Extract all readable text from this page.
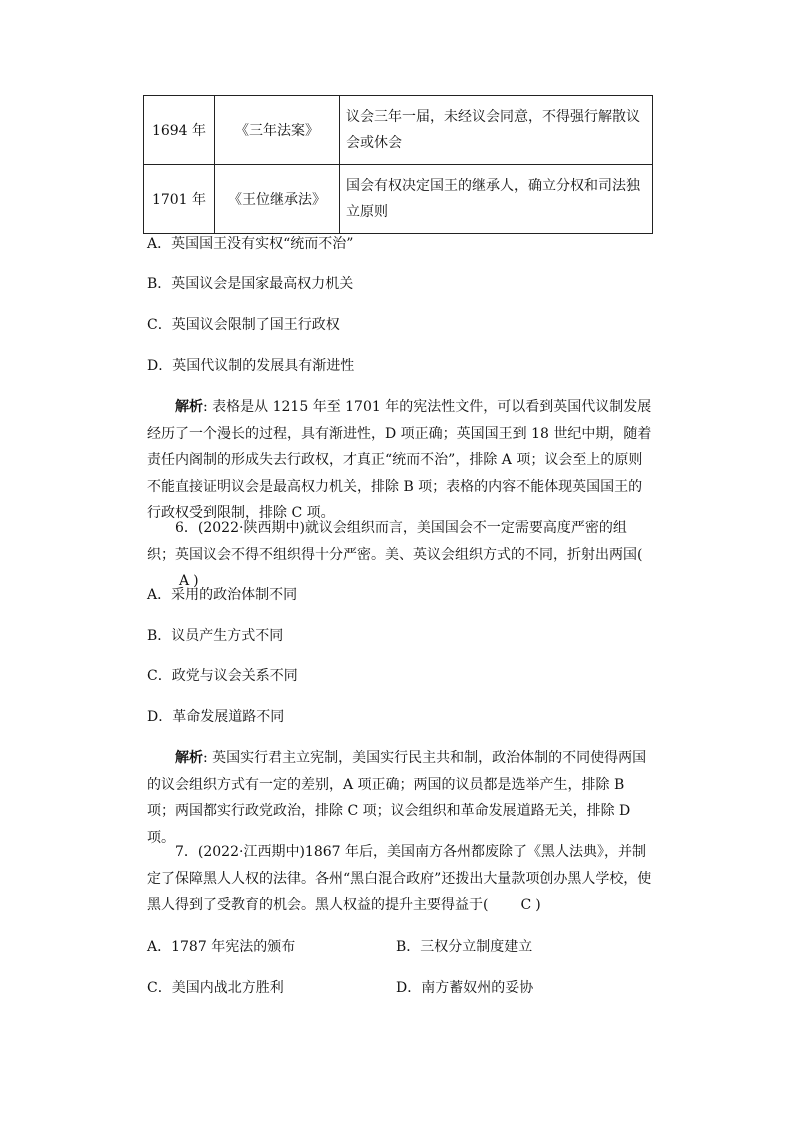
1694 年	《三年法案》	议会三年一届，未经议会同意，不得强行解散议会或休会
1701 年	《王位继承法》	国会有权决定国王的继承人，确立分权和司法独立原则
A．英国国王没有实权“统而不治”
B．英国议会是国家最高权力机关
C．英国议会限制了国王行政权
D．英国代议制的发展具有渐进性
解析: 表格是从 1215 年至 1701 年的宪法性文件，可以看到英国代议制发展经历了一个漫长的过程，具有渐进性，D 项正确；英国国王到 18 世纪中期，随着责任内阁制的形成失去行政权，才真正“统而不治”，排除 A 项；议会至上的原则不能直接证明议会是最高权力机关，排除 B 项；表格的内容不能体现英国国王的行政权受到限制，排除 C 项。
6．(2022·陕西期中)就议会组织而言，美国国会不一定需要高度严密的组织；英国议会不得不组织得十分严密。美、英议会组织方式的不同，折射出两国(A )
A．采用的政治体制不同
B．议员产生方式不同
C．政党与议会关系不同
D．革命发展道路不同
解析: 英国实行君主立宪制，美国实行民主共和制，政治体制的不同使得两国的议会组织方式有一定的差别，A 项正确；两国的议员都是选举产生，排除 B 项；两国都实行政党政治，排除 C 项；议会组织和革命发展道路无关，排除 D 项。
7．(2022·江西期中)1867 年后，美国南方各州都废除了《黑人法典》，并制定了保障黑人人权的法律。各州“黑白混合政府”还拨出大量款项创办黑人学校，使黑人得到了受教育的机会。黑人权益的提升主要得益于( C )
A．1787 年宪法的颁布	B．三权分立制度建立
C．美国内战北方胜利	D．南方蓄奴州的妥协
